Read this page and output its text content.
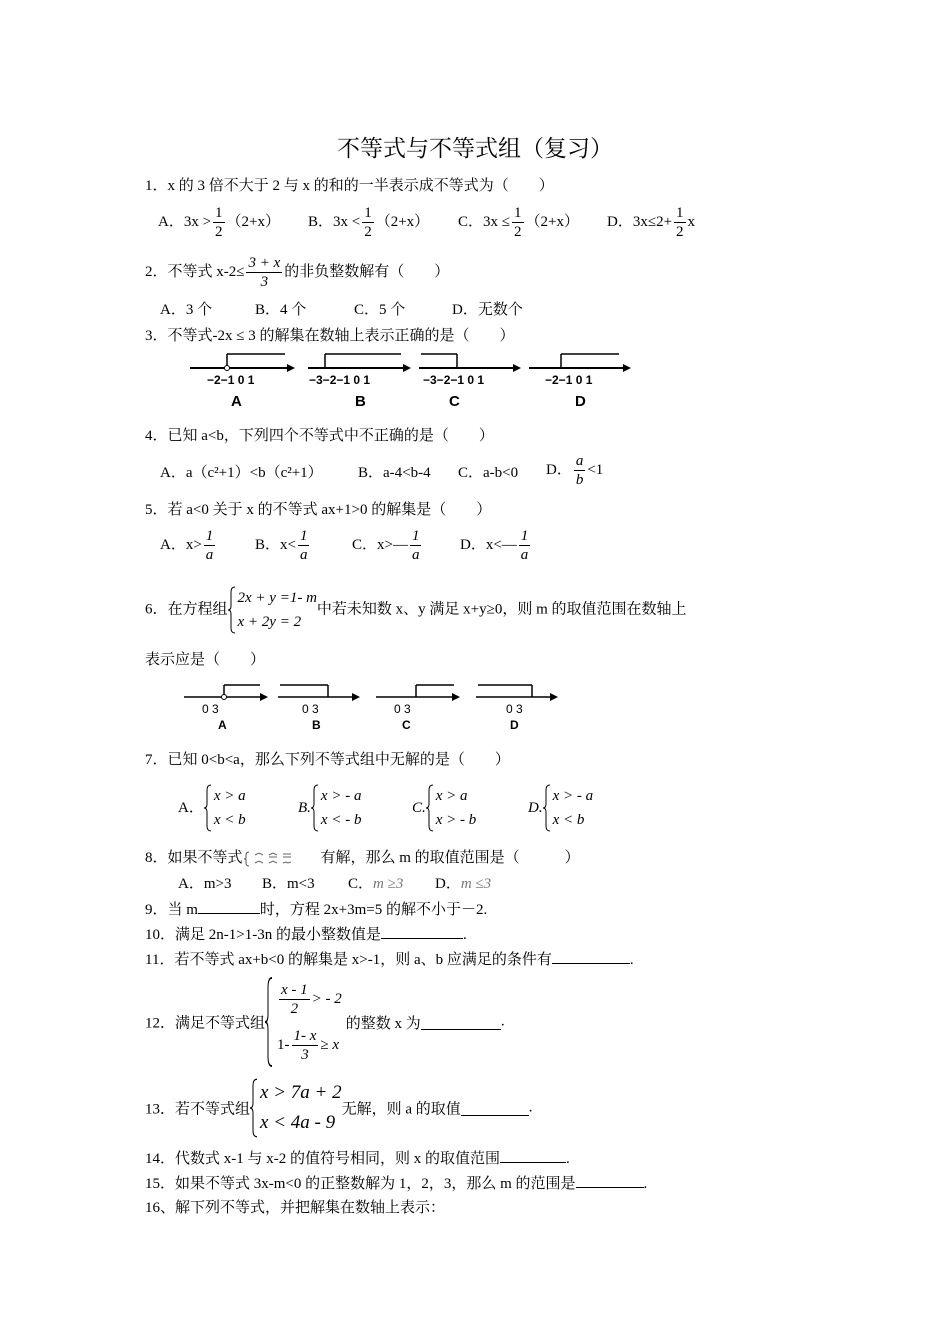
不等式与不等式组（复习）
1．x 的 3 倍不大于 2 与 x 的和的一半表示成不等式为（　　）
A．$3x > \frac{1}{2} (2+x)$ B．$3x < \frac{1}{2} (2+x)$ C．$3x \le \frac{1}{2} (2+x)$ D．$3x\le 2+ \frac{1}{2}$ x
2．不等式 $x-2\le \frac{3 + x}{3}$ 的非负整数解有（　　）
A．3 个	B．4 个	C．5 个	D．无数个
3．不等式-2x ≤ 3 的解集在数轴上表示正确的是（　　）
−2−1 0 1
A
−3−2−1 0 1
B
−3−2−1 0 1
C
−2−1 0 1
D
4．已知 a<b，下列四个不等式中不正确的是（　　）
A．a（c²+1）<b（c²+1） B．a-4<b-4 C．a-b<0 D． $\frac{a}{b} <1$
5．若 a<0 关于 x 的不等式 ax+1>0 的解集是（　　）
A．$x> \frac{1}{a}$	B．$x< \frac{1}{a}$	C．x>— $\frac{1}{a}$	D．x<— $\frac{1}{a}$
6．在方程组
2x + y =1- m
x + 2y = 2
中若未知数 x、y 满足 x+y≥0，则 m 的取值范围在数轴上
表示应是（　　）
0 3
A
0 3
B
0 3
C
0 3
D
7．已知 0<b<a，那么下列不等式组中无解的是（　　）
A．
x > a
x < b
B.
x > - a
x < - b
C.
x > a
x > - b
D.
x > - a
x < b
8．如果不等式	有解，那么 m 的取值范围是（　　　）
A．m>3 B．m<3 C．m ≥3 D．m ≤3
9．当 m	时，方程 2x+3m=5 的解不小于－2.
10．满足 2n-1>1-3n 的最小整数值是	.
11．若不等式 ax+b<0 的解集是 x>-1，则 a、b 应满足的条件有	.
12．满足不等式组
$\frac{x - 1}{2}$ > - 2
$1- \frac{1- x}{3} \ge x$
的整数 x 为	.
13．若不等式组
x > 7a + 2
x < 4a - 9
无解，则 a 的取值	.
14．代数式 x-1 与 x-2 的值符号相同，则 x 的取值范围	.
15．如果不等式 3x-m<0 的正整数解为 1，2，3，那么 m 的范围是	.
16、解下列不等式，并把解集在数轴上表示：
